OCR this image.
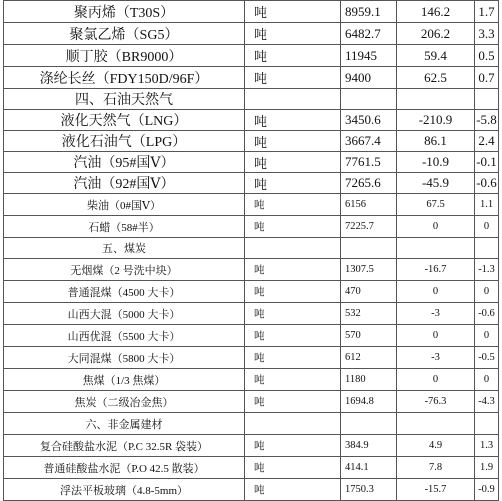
聚丙烯（T30S）	吨	8959.1	146.2	1.7
聚氯乙烯（SG5）	吨	6482.7	206.2	3.3
顺丁胶（BR9000）	吨	11945	59.4	0.5
涤纶长丝（FDY150D/96F）	吨	9400	62.5	0.7
四、石油天然气				
液化天然气（LNG）	吨	3450.6	-210.9	-5.8
液化石油气（LPG）	吨	3667.4	86.1	2.4
汽油（95#国Ⅴ）	吨	7761.5	-10.9	-0.1
汽油（92#国Ⅴ）	吨	7265.6	-45.9	-0.6
柴油（0#国Ⅴ）	吨	6156	67.5	1.1
石蜡（58#半）	吨	7225.7	0	0
五、煤炭				
无烟煤（2 号洗中块）	吨	1307.5	-16.7	-1.3
普通混煤（4500 大卡）	吨	470	0	0
山西大混（5000 大卡）	吨	532	-3	-0.6
山西优混（5500 大卡）	吨	570	0	0
大同混煤（5800 大卡）	吨	612	-3	-0.5
焦煤（1/3 焦煤）	吨	1180	0	0
焦炭（二级冶金焦）	吨	1694.8	-76.3	-4.3
六、非金属建材				
复合硅酸盐水泥（P.C 32.5R 袋装）	吨	384.9	4.9	1.3
普通硅酸盐水泥（P.O 42.5 散装）	吨	414.1	7.8	1.9
浮法平板玻璃（4.8-5mm）	吨	1750.3	-15.7	-0.9
